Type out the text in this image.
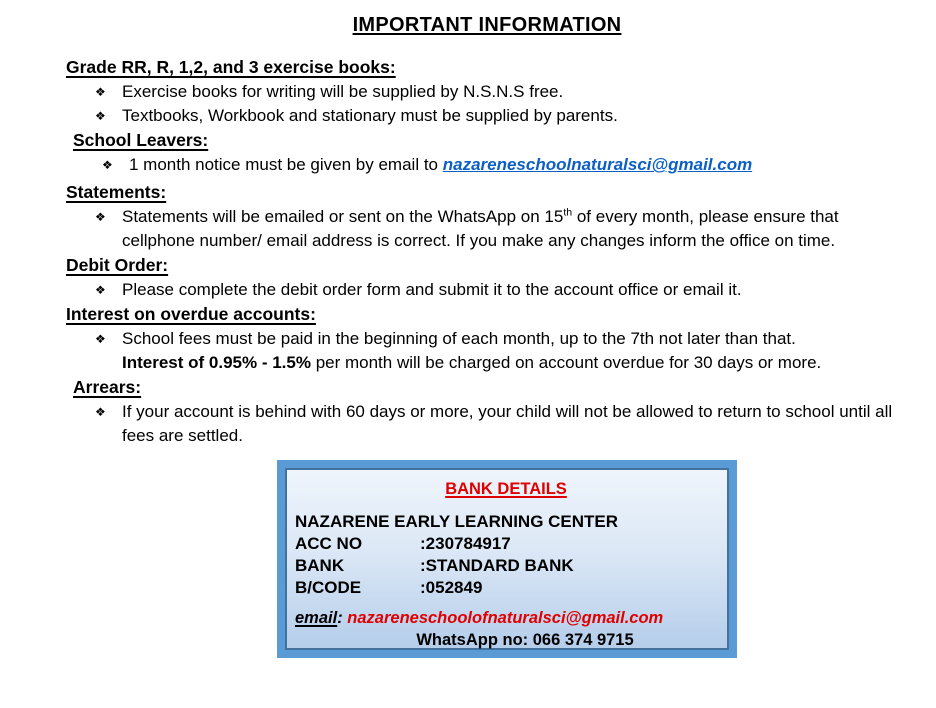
IMPORTANT INFORMATION
Grade RR, R, 1,2, and 3 exercise books:
❖ Exercise books for writing will be supplied by N.S.N.S free.
❖ Textbooks, Workbook and stationary must be supplied by parents.
School Leavers:
❖ 1 month notice must be given by email to nazareneschoolnaturalsci@gmail.com
Statements:
❖ Statements will be emailed or sent on the WhatsApp on 15th of every month, please ensure that cellphone number/ email address is correct. If you make any changes inform the office on time.
Debit Order:
❖ Please complete the debit order form and submit it to the account office or email it.
Interest on overdue accounts:
❖ School fees must be paid in the beginning of each month, up to the 7th not later than that.
Interest of 0.95% - 1.5% per month will be charged on account overdue for 30 days or more.
Arrears:
❖ If your account is behind with 60 days or more, your child will not be allowed to return to school until all fees are settled.
BANK DETAILS
NAZARENE EARLY LEARNING CENTER
ACC NO	: 230784917
BANK	: STANDARD BANK
B/CODE	: 052849
email: nazareneschoolofnaturalsci@gmail.com
WhatsApp no: 066 374 9715
